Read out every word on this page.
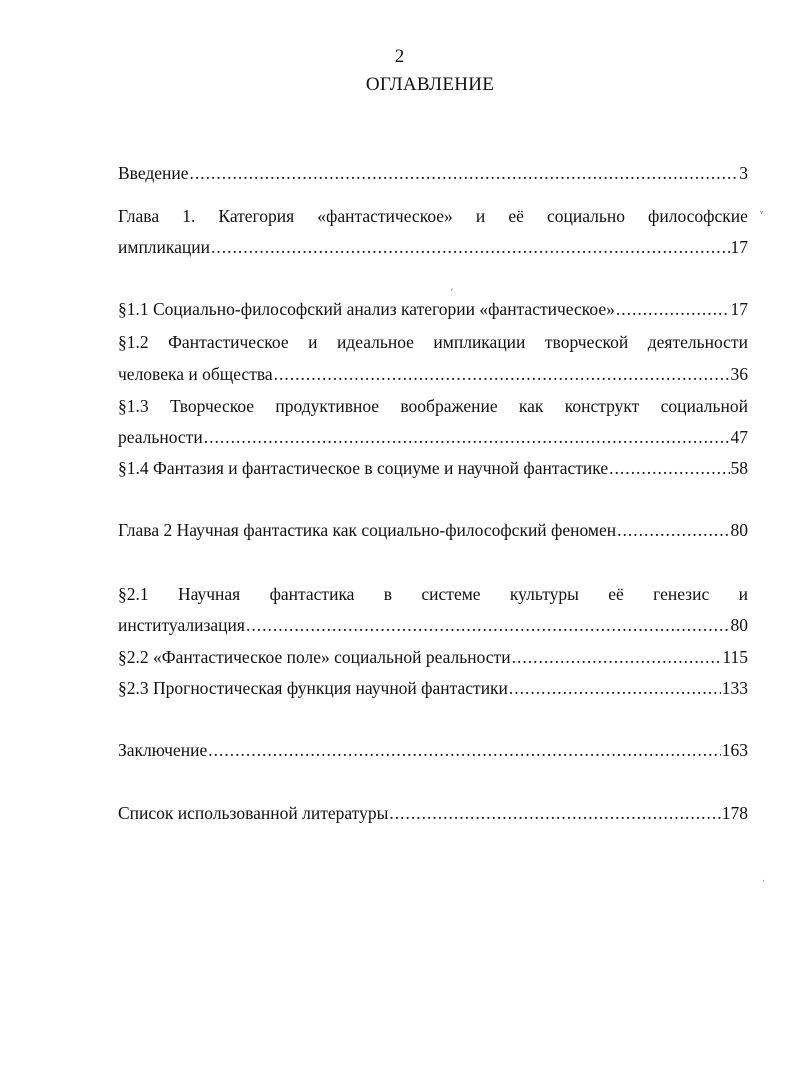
2
ОГЛАВЛЕНИЕ
Введение .....	3
Глава 1. Категория «фантастическое» и её социально философские
импликации .....	17
§1.1 Социально-философский анализ категории «фантастическое» .....	17
§1.2 Фантастическое и идеальное импликации творческой деятельности
человека и общества .....	36
§1.3 Творческое продуктивное воображение как конструкт социальной
реальности .....	47
§1.4 Фантазия и фантастическое в социуме и научной фантастике .....	58
Глава 2 Научная фантастика как социально-философский феномен .....	80
§2.1 Научная фантастика в системе культуры её генезис и
институализация .....	80
§2.2 «Фантастическое поле» социальной реальности .....	115
§2.3 Прогностическая функция научной фантастики .....	133
Заключение .....	163
Список использованной литературы .....	178
ᵛ
ˊ
ˈ
